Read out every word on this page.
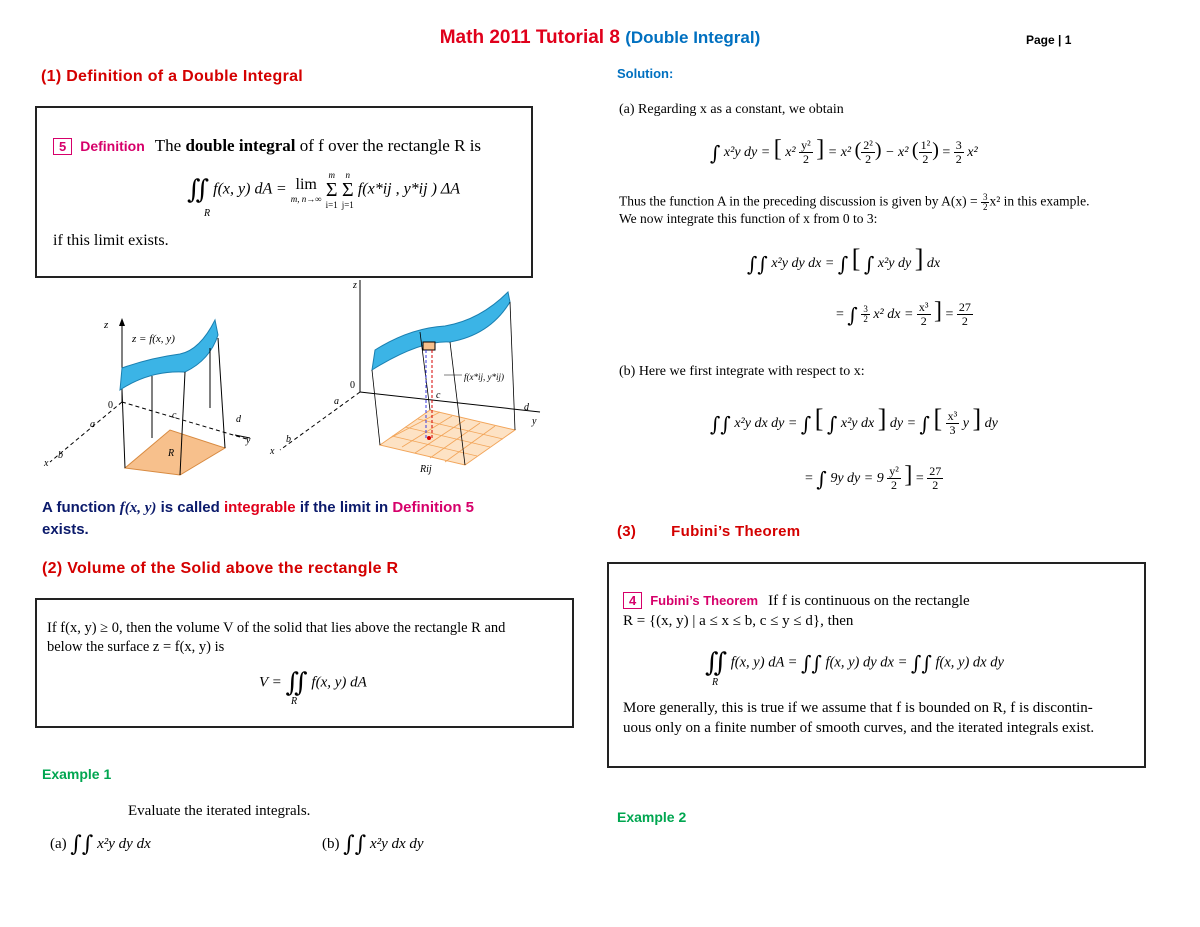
Math 2011 Tutorial 8 (Double Integral)	Page | 1
(1) Definition of a Double Integral
5 Definition The double integral of f over the rectangle R is
∬ f(x, y) dA = lim
m, n→∞

m
Σ
i=1

n
Σ
j=1
f(x*ij , y*ij ) ΔA
R
if this limit exists.
z
z = f(x, y)
0
a
b
c	d
x
y
R
z
0
a
b
c
d
x
y
f(x*ij, y*ij)
Rij
A function f(x, y) is called integrable if the limit in Definition 5
exists.
(2) Volume of the Solid above the rectangle R
If f(x, y) ≥ 0, then the volume V of the solid that lies above the rectangle R and
below the surface z = f(x, y) is
V = ∬ f(x, y) dA
R
Example 1
Evaluate the iterated integrals.
(a) ∫∫ x²y dy dx	(b) ∫∫ x²y dx dy
Solution:
(a) Regarding x as a constant, we obtain
∫ x²y dy = [ $x^2 \frac{\text{y²}}{2}$ ] = x² ( $\frac{\text{2²}}{2}$ ) − x² ( $\frac{\text{1²}}{2}$ ) = $\frac{3}{2} x^2$
Thus the function A in the preceding discussion is given by $A(x) = \frac{3}{2} x^2$ in this example.
We now integrate this function of x from 0 to 3:
∫∫ x²y dy dx = ∫ [ ∫ x²y dy ] dx
= ∫ $\frac{3}{2} x^2$ dx = $\frac{\text{x³}}{2}$ ] = $\frac{27}{2}$
(b) Here we first integrate with respect to x:
∫∫ x²y dx dy = ∫ [ ∫ x²y dx ] dy = ∫ [ $\frac{\text{x³}}{3}$ y ] dy
= ∫ 9y dy = $9 \frac{\text{y²}}{2}$ ] = $\frac{27}{2}$
(3) Fubini’s Theorem
4 Fubini’s Theorem If f is continuous on the rectangle
R = {(x, y) | a ≤ x ≤ b, c ≤ y ≤ d}, then
∬ f(x, y) dA = ∫∫ f(x, y) dy dx = ∫∫ f(x, y) dx dy
R
More generally, this is true if we assume that f is bounded on R, f is discontin-
uous only on a finite number of smooth curves, and the iterated integrals exist.
Example 2
